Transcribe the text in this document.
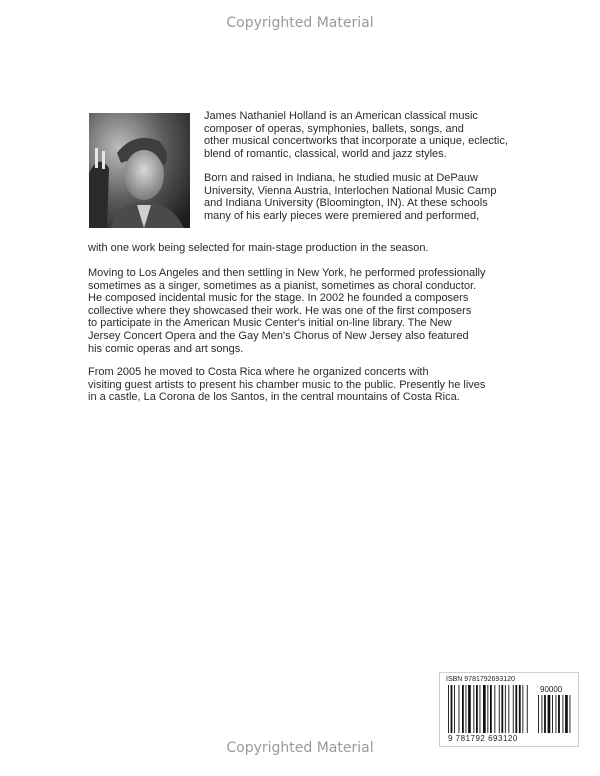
Copyrighted Material

James Nathaniel Holland is an American classical music
composer of operas, symphonies, ballets, songs, and
other musical concertworks that incorporate a unique, eclectic,
blend of romantic, classical, world and jazz styles.

Born and raised in Indiana, he studied music at DePauw
University, Vienna Austria, Interlochen National Music Camp
and Indiana University (Bloomington, IN). At these schools
many of his early pieces were premiered and performed,

with one work being selected for main-stage production in the season.

Moving to Los Angeles and then settling in New York, he performed professionally
sometimes as a singer, sometimes as a pianist, sometimes as choral conductor.
He composed incidental music for the stage. In 2002 he founded a composers
collective where they showcased their work. He was one of the first composers
to participate in the American Music Center's initial on-line library. The New
Jersey Concert Opera and the Gay Men's Chorus of New Jersey also featured
his comic operas and art songs.

From 2005 he moved to Costa Rica where he organized concerts with
visiting guest artists to present his chamber music to the public. Presently he lives
in a castle, La Corona de los Santos, in the central mountains of Costa Rica.

ISBN 9781792693120
90000
9 781792 693120
Copyrighted Material
